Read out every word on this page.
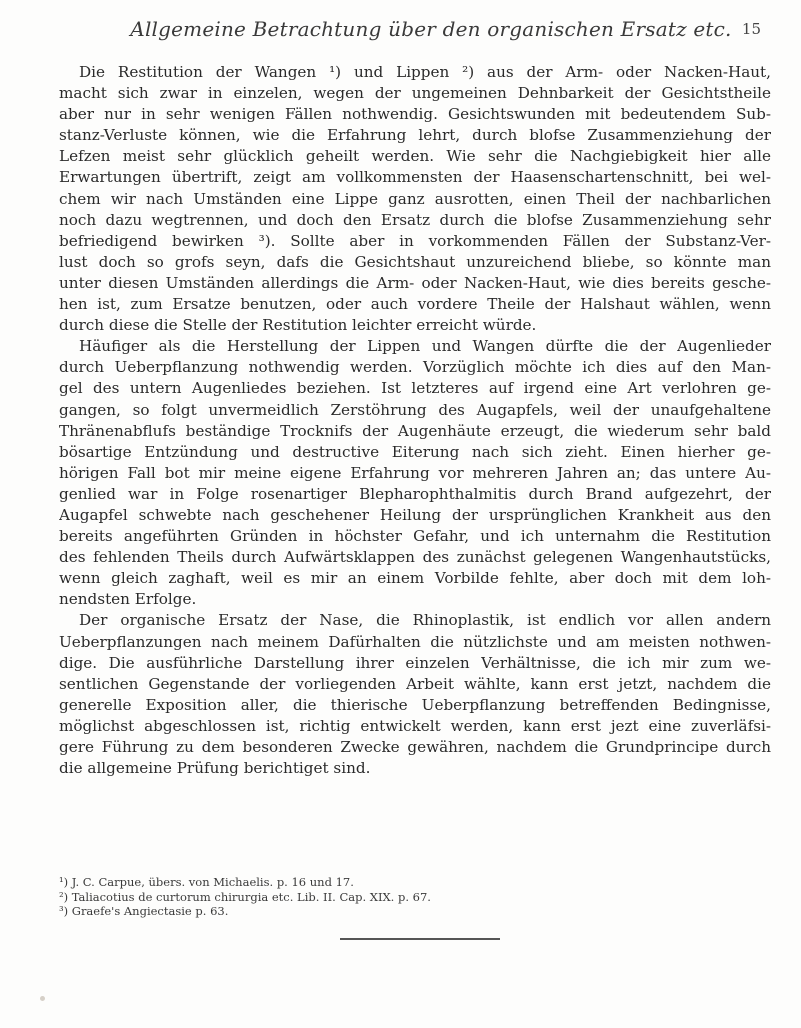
Allgemeine Betrachtung über den organischen Ersatz etc. 15
Die Restitution der Wangen ¹) und Lippen ²) aus der Arm- oder Nacken-Haut,
macht sich zwar in einzelen, wegen der ungemeinen Dehnbarkeit der Gesichtstheile
aber nur in sehr wenigen Fällen nothwendig. Gesichtswunden mit bedeutendem Sub-
stanz-Verluste können, wie die Erfahrung lehrt, durch blofse Zusammenziehung der
Lefzen meist sehr glücklich geheilt werden. Wie sehr die Nachgiebigkeit hier alle
Erwartungen übertrift, zeigt am vollkommensten der Haasenschartenschnitt, bei wel-
chem wir nach Umständen eine Lippe ganz ausrotten, einen Theil der nachbarlichen
noch dazu wegtrennen, und doch den Ersatz durch die blofse Zusammenziehung sehr
befriedigend bewirken ³). Sollte aber in vorkommenden Fällen der Substanz-Ver-
lust doch so grofs seyn, dafs die Gesichtshaut unzureichend bliebe, so könnte man
unter diesen Umständen allerdings die Arm- oder Nacken-Haut, wie dies bereits gesche-
hen ist, zum Ersatze benutzen, oder auch vordere Theile der Halshaut wählen, wenn
durch diese die Stelle der Restitution leichter erreicht würde.
Häufiger als die Herstellung der Lippen und Wangen dürfte die der Augenlieder
durch Ueberpflanzung nothwendig werden. Vorzüglich möchte ich dies auf den Man-
gel des untern Augenliedes beziehen. Ist letzteres auf irgend eine Art verlohren ge-
gangen, so folgt unvermeidlich Zerstöhrung des Augapfels, weil der unaufgehaltene
Thränenabflufs beständige Trocknifs der Augenhäute erzeugt, die wiederum sehr bald
bösartige Entzündung und destructive Eiterung nach sich zieht. Einen hierher ge-
hörigen Fall bot mir meine eigene Erfahrung vor mehreren Jahren an; das untere Au-
genlied war in Folge rosenartiger Blepharophthalmitis durch Brand aufgezehrt, der
Augapfel schwebte nach geschehener Heilung der ursprünglichen Krankheit aus den
bereits angeführten Gründen in höchster Gefahr, und ich unternahm die Restitution
des fehlenden Theils durch Aufwärtsklappen des zunächst gelegenen Wangenhautstücks,
wenn gleich zaghaft, weil es mir an einem Vorbilde fehlte, aber doch mit dem loh-
nendsten Erfolge.
Der organische Ersatz der Nase, die Rhinoplastik, ist endlich vor allen andern
Ueberpflanzungen nach meinem Dafürhalten die nützlichste und am meisten nothwen-
dige. Die ausführliche Darstellung ihrer einzelen Verhältnisse, die ich mir zum we-
sentlichen Gegenstande der vorliegenden Arbeit wählte, kann erst jetzt, nachdem die
generelle Exposition aller, die thierische Ueberpflanzung betreffenden Bedingnisse,
möglichst abgeschlossen ist, richtig entwickelt werden, kann erst jezt eine zuverläfsi-
gere Führung zu dem besonderen Zwecke gewähren, nachdem die Grundprincipe durch
die allgemeine Prüfung berichtiget sind.
¹) J. C. Carpue, übers. von Michaelis. p. 16 und 17.
²) Taliacotius de curtorum chirurgia etc. Lib. II. Cap. XIX. p. 67.
³) Graefe's Angiectasie p. 63.
